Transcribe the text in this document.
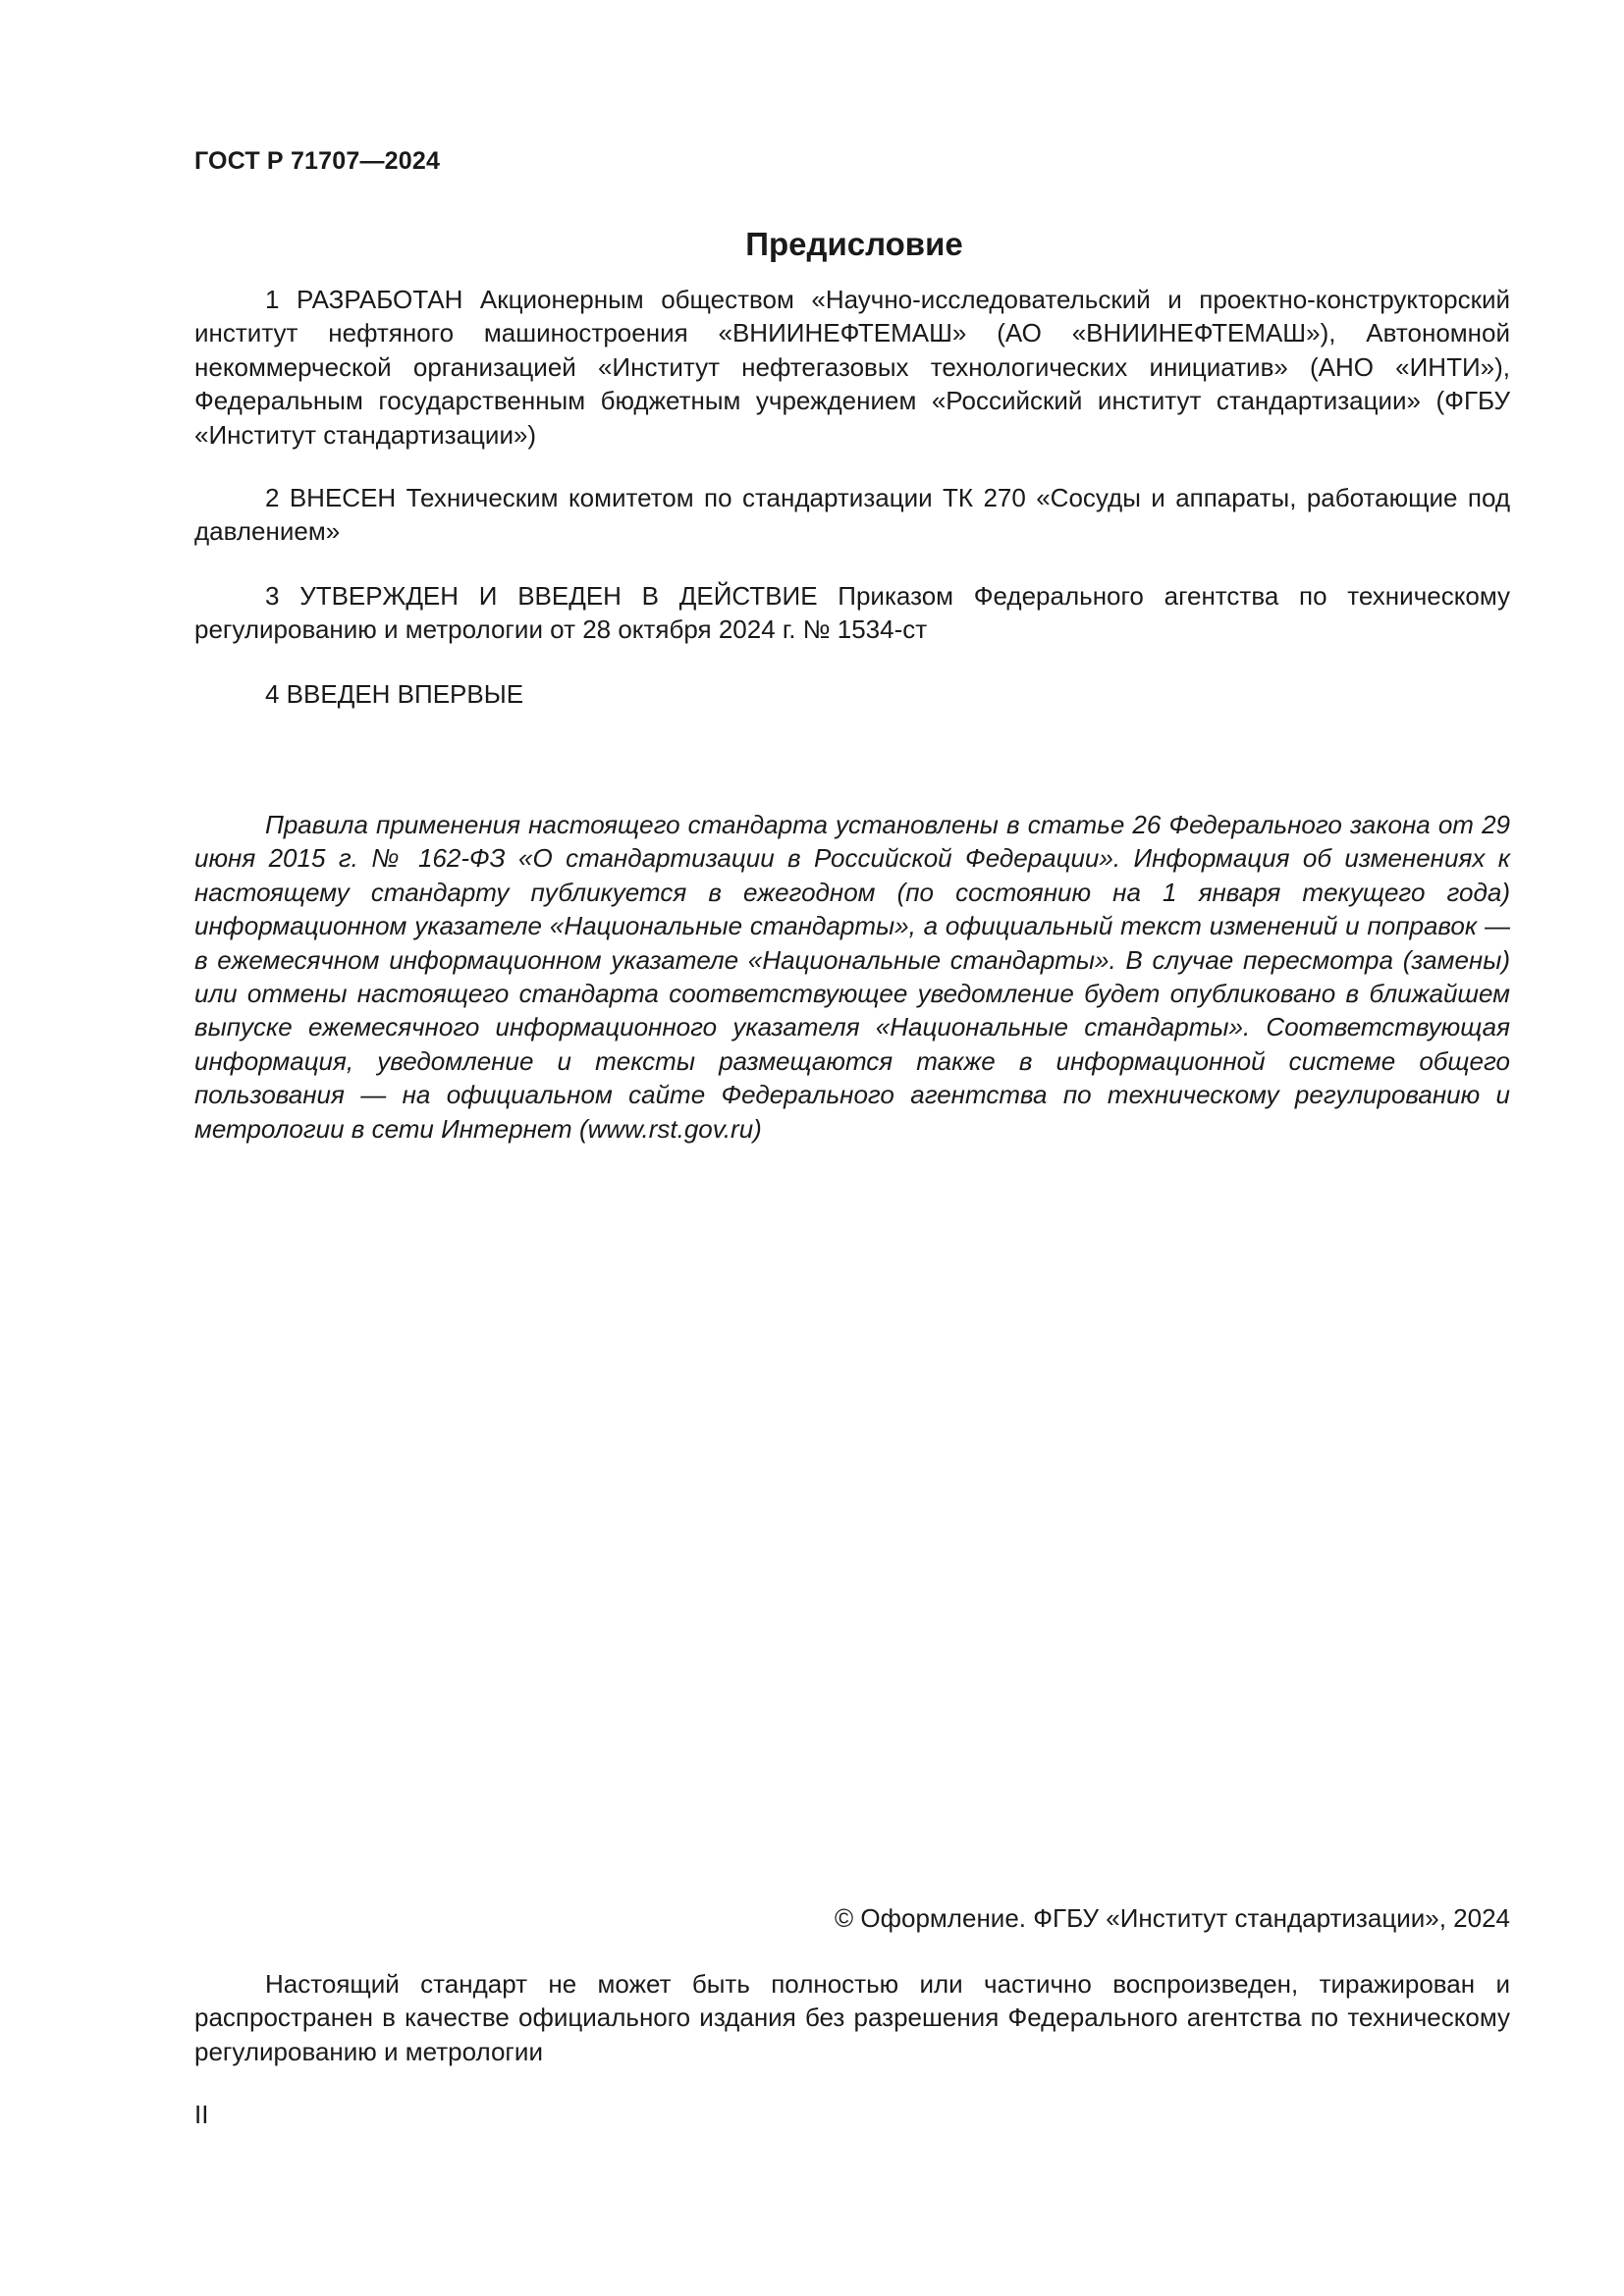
ГОСТ Р 71707—2024
Предисловие

1 РАЗРАБОТАН Акционерным обществом «Научно-исследовательский и проектно-конструкторский институт нефтяного машиностроения «ВНИИНЕФТЕМАШ» (АО «ВНИИНЕФТЕМАШ»), Автономной некоммерческой организацией «Институт нефтегазовых технологических инициатив» (АНО «ИНТИ»), Федеральным государственным бюджетным учреждением «Российский институт стандартизации» (ФГБУ «Институт стандартизации»)

2 ВНЕСЕН Техническим комитетом по стандартизации ТК 270 «Сосуды и аппараты, работающие под давлением»

3 УТВЕРЖДЕН И ВВЕДЕН В ДЕЙСТВИЕ Приказом Федерального агентства по техническому регулированию и метрологии от 28 октября 2024 г. № 1534-ст

4 ВВЕДЕН ВПЕРВЫЕ

Правила применения настоящего стандарта установлены в статье 26 Федерального закона от 29 июня 2015 г. № 162-ФЗ «О стандартизации в Российской Федерации». Информация об изменениях к настоящему стандарту публикуется в ежегодном (по состоянию на 1 января текущего года) информационном указателе «Национальные стандарты», а официальный текст изменений и поправок — в ежемесячном информационном указателе «Национальные стандарты». В случае пересмотра (замены) или отмены настоящего стандарта соответствующее уведомление будет опубликовано в ближайшем выпуске ежемесячного информационного указателя «Национальные стандарты». Соответствующая информация, уведомление и тексты размещаются также в информационной системе общего пользования — на официальном сайте Федерального агентства по техническому регулированию и метрологии в сети Интернет (www.rst.gov.ru)

© Оформление. ФГБУ «Институт стандартизации», 2024

Настоящий стандарт не может быть полностью или частично воспроизведен, тиражирован и распространен в качестве официального издания без разрешения Федерального агентства по техническому регулированию и метрологии

II
